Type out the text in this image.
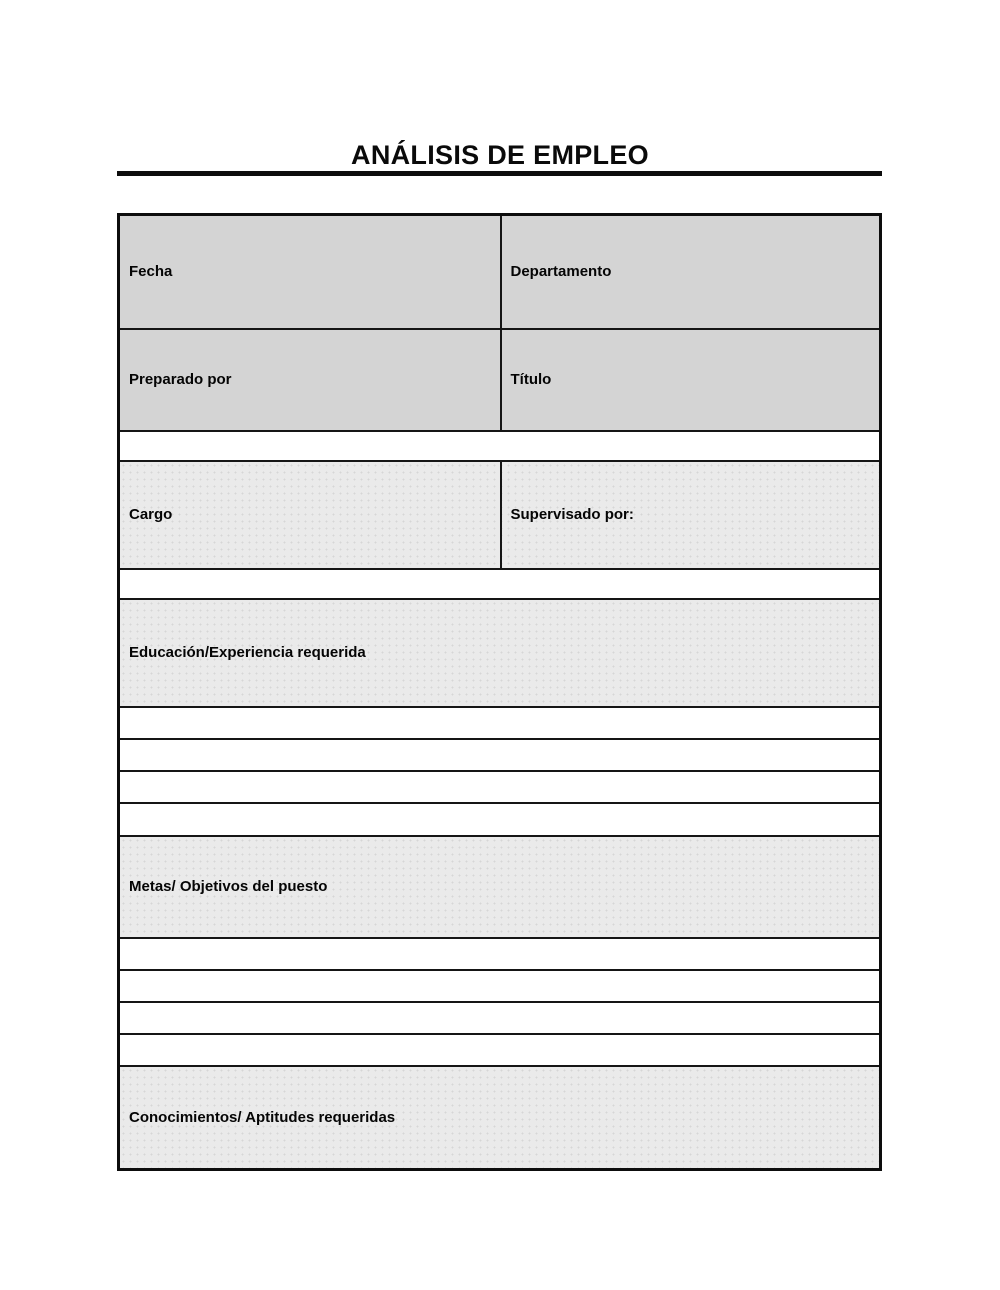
ANÁLISIS DE EMPLEO
Fecha	Departamento
Preparado por	Título
Cargo	Supervisado por:
Educación/Experiencia requerida
Metas/ Objetivos del puesto
Conocimientos/ Aptitudes requeridas
